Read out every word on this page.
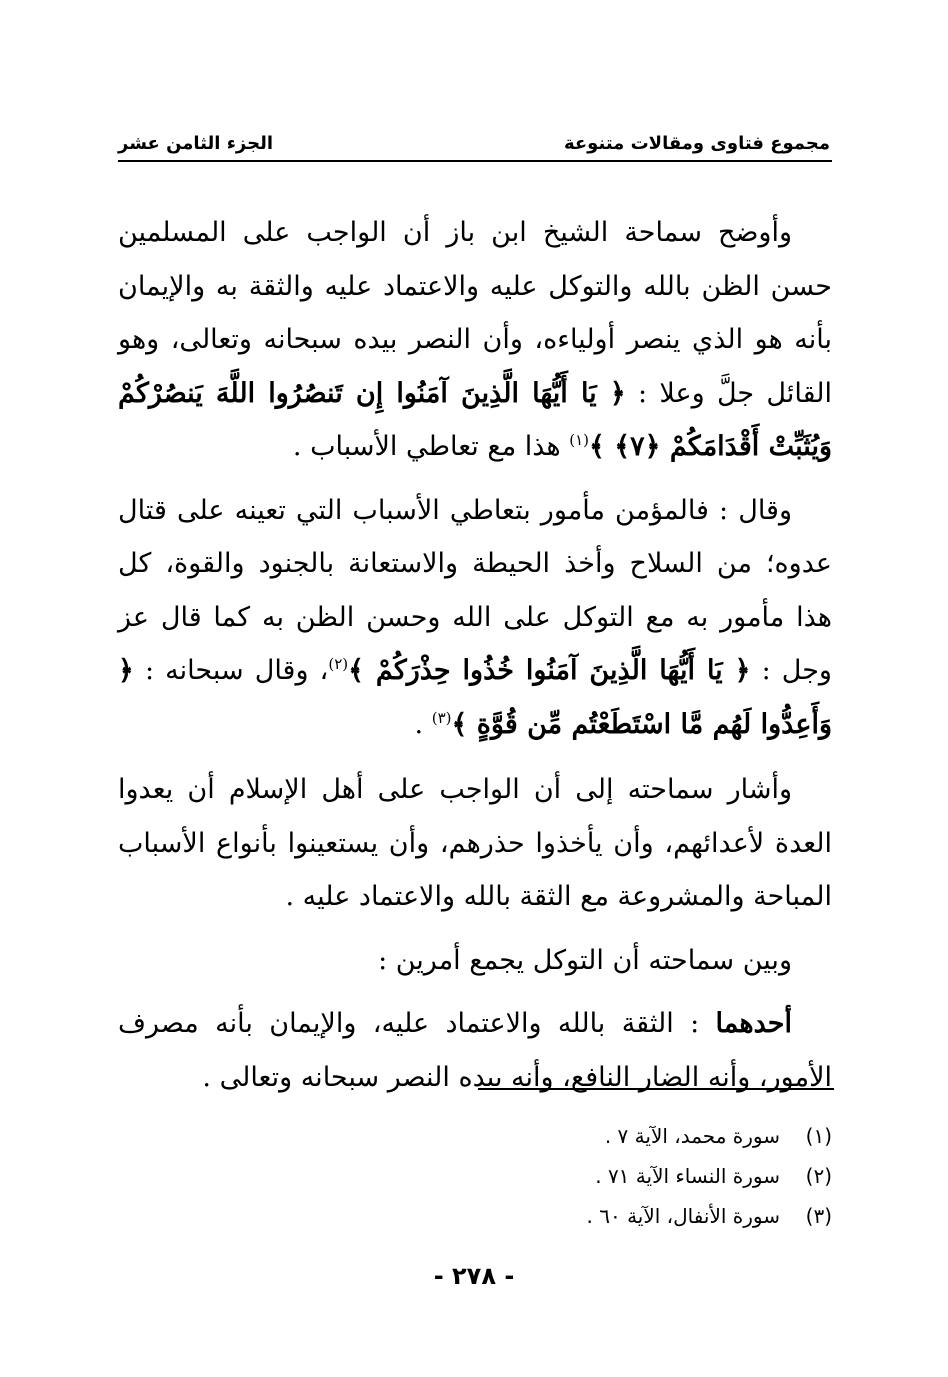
مجموع فتاوى ومقالات متنوعة
الجزء الثامن عشر

وأوضح سماحة الشيخ ابن باز أن الواجب على المسلمين حسن الظن بالله والتوكل عليه والاعتماد عليه والثقة به والإيمان بأنه هو الذي ينصر أولياءه، وأن النصر بيده سبحانه وتعالى، وهو القائل جلَّ وعلا : ﴿ يَا أَيُّهَا الَّذِينَ آمَنُوا إِن تَنصُرُوا اللَّهَ يَنصُرْكُمْ وَيُثَبِّتْ أَقْدَامَكُمْ ﴿٧﴾ ﴾$^{(١)}$ هذا مع تعاطي الأسباب .

وقال : فالمؤمن مأمور بتعاطي الأسباب التي تعينه على قتال عدوه؛ من السلاح وأخذ الحيطة والاستعانة بالجنود والقوة، كل هذا مأمور به مع التوكل على الله وحسن الظن به كما قال عز وجل : ﴿ يَا أَيُّهَا الَّذِينَ آمَنُوا خُذُوا حِذْرَكُمْ ﴾$^{(٢)}$، وقال سبحانه : ﴿ وَأَعِدُّوا لَهُم مَّا اسْتَطَعْتُم مِّن قُوَّةٍ ﴾$^{(٣)}$ .

وأشار سماحته إلى أن الواجب على أهل الإسلام أن يعدوا العدة لأعدائهم، وأن يأخذوا حذرهم، وأن يستعينوا بأنواع الأسباب المباحة والمشروعة مع الثقة بالله والاعتماد عليه .

وبين سماحته أن التوكل يجمع أمرين :

أحدهما : الثقة بالله والاعتماد عليه، والإيمان بأنه مصرف الأمور، وأنه الضار النافع، وأنه بيده النصر سبحانه وتعالى .

(١)
سورة محمد، الآية ٧ .
(٢)
سورة النساء الآية ٧١ .
(٣)
سورة الأنفال، الآية ٦٠ .
- ٢٧٨ -
